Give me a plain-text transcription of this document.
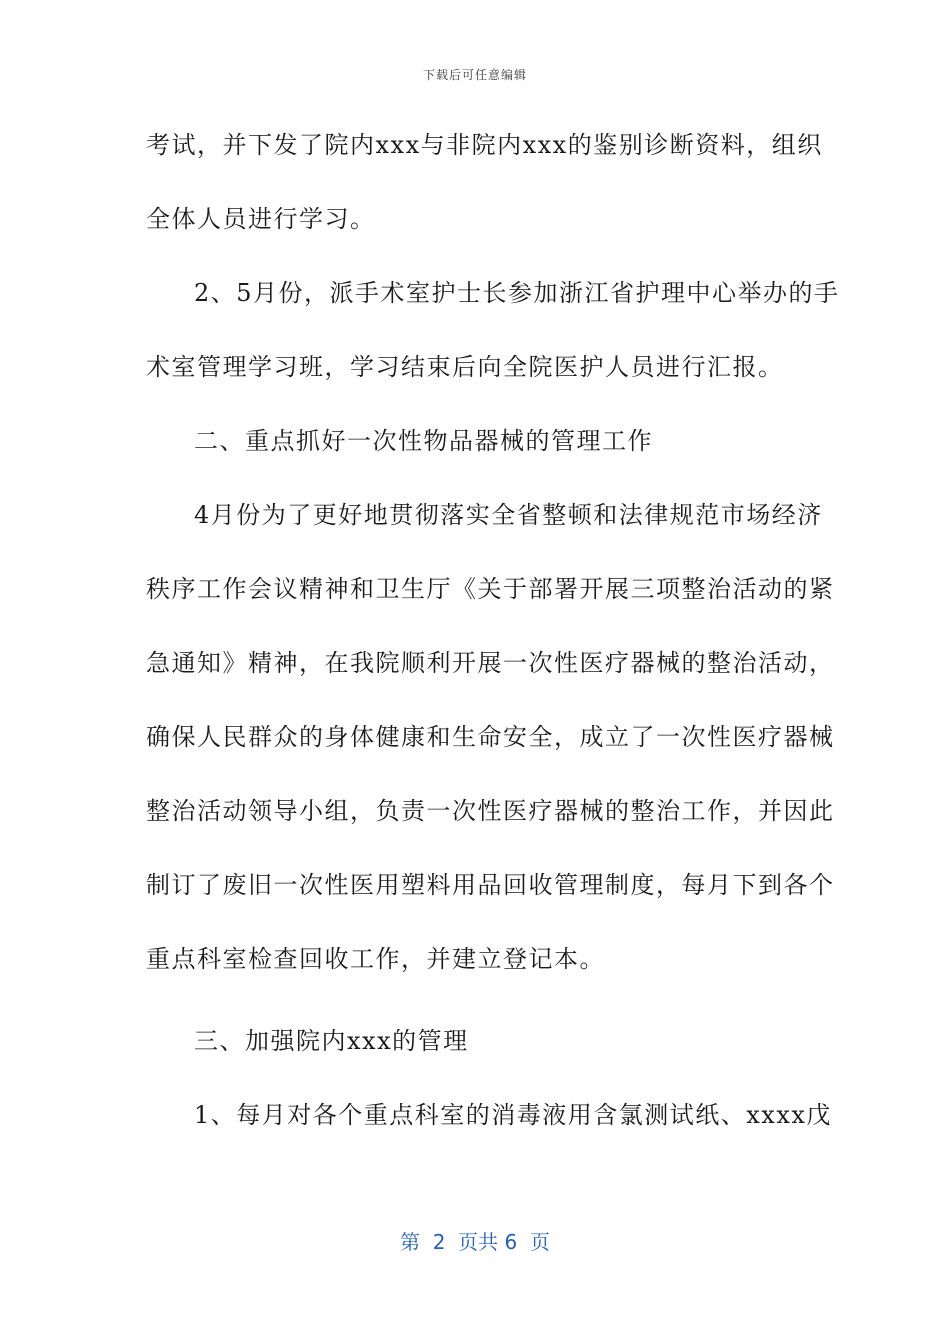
下载后可任意编辑
考试，并下发了院内xxx与非院内xxx的鉴别诊断资料，组织
全体人员进行学习。
2、5月份，派手术室护士长参加浙江省护理中心举办的手
术室管理学习班，学习结束后向全院医护人员进行汇报。
二、重点抓好一次性物品器械的管理工作
4月份为了更好地贯彻落实全省整顿和法律规范市场经济
秩序工作会议精神和卫生厅《关于部署开展三项整治活动的紧
急通知》精神，在我院顺利开展一次性医疗器械的整治活动，
确保人民群众的身体健康和生命安全，成立了一次性医疗器械
整治活动领导小组，负责一次性医疗器械的整治工作，并因此
制订了废旧一次性医用塑料用品回收管理制度，每月下到各个
重点科室检查回收工作，并建立登记本。
三、加强院内xxx的管理
1、每月对各个重点科室的消毒液用含氯测试纸、xxxx戊
第  2  页共 6  页
